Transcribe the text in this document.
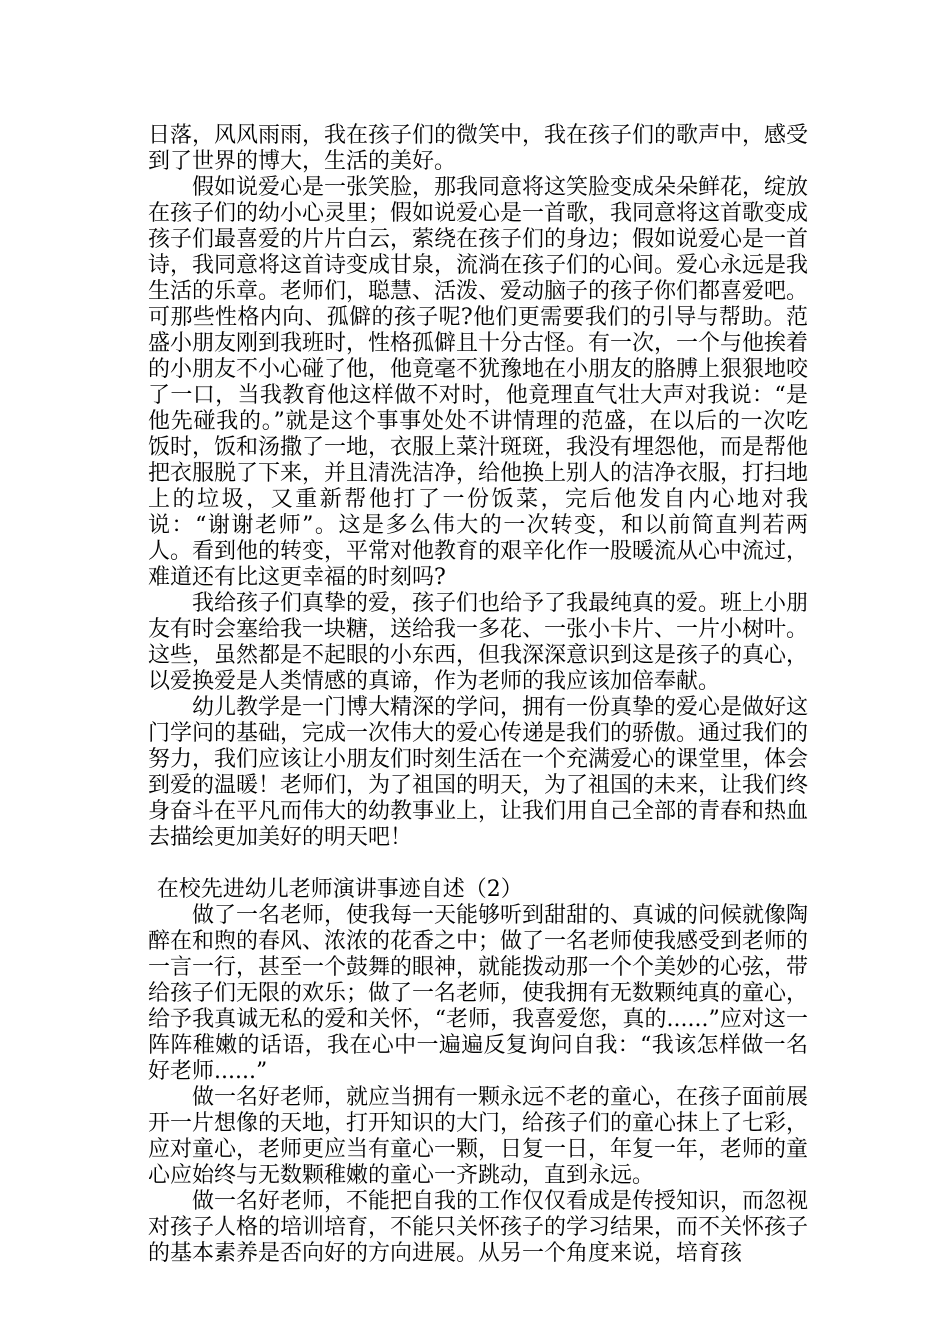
日落，风风雨雨，我在孩子们的微笑中，我在孩子们的歌声中，感受到了世界的博大，生活的美好。

假如说爱心是一张笑脸，那我同意将这笑脸变成朵朵鲜花，绽放在孩子们的幼小心灵里；假如说爱心是一首歌，我同意将这首歌变成孩子们最喜爱的片片白云，萦绕在孩子们的身边；假如说爱心是一首诗，我同意将这首诗变成甘泉，流淌在孩子们的心间。爱心永远是我生活的乐章。老师们，聪慧、活泼、爱动脑子的孩子你们都喜爱吧。可那些性格内向、孤僻的孩子呢?他们更需要我们的引导与帮助。范盛小朋友刚到我班时，性格孤僻且十分古怪。有一次，一个与他挨着的小朋友不小心碰了他，他竟毫不犹豫地在小朋友的胳膊上狠狠地咬了一口，当我教育他这样做不对时，他竟理直气壮大声对我说：“是他先碰我的。”就是这个事事处处不讲情理的范盛，在以后的一次吃饭时，饭和汤撒了一地，衣服上菜汁斑斑，我没有埋怨他，而是帮他把衣服脱了下来，并且清洗洁净，给他换上别人的洁净衣服，打扫地上的垃圾，又重新帮他打了一份饭菜，完后他发自内心地对我说：“谢谢老师”。这是多么伟大的一次转变，和以前简直判若两人。看到他的转变，平常对他教育的艰辛化作一股暖流从心中流过，难道还有比这更幸福的时刻吗?

我给孩子们真挚的爱，孩子们也给予了我最纯真的爱。班上小朋友有时会塞给我一块糖，送给我一多花、一张小卡片、一片小树叶。这些，虽然都是不起眼的小东西，但我深深意识到这是孩子的真心，以爱换爱是人类情感的真谛，作为老师的我应该加倍奉献。

幼儿教学是一门博大精深的学问，拥有一份真挚的爱心是做好这门学问的基础，完成一次伟大的爱心传递是我们的骄傲。通过我们的努力，我们应该让小朋友们时刻生活在一个充满爱心的课堂里，体会到爱的温暖！老师们，为了祖国的明天，为了祖国的未来，让我们终身奋斗在平凡而伟大的幼教事业上，让我们用自己全部的青春和热血去描绘更加美好的明天吧！

在校先进幼儿老师演讲事迹自述（2）

做了一名老师，使我每一天能够听到甜甜的、真诚的问候就像陶醉在和煦的春风、浓浓的花香之中；做了一名老师使我感受到老师的一言一行，甚至一个鼓舞的眼神，就能拨动那一个个美妙的心弦，带给孩子们无限的欢乐；做了一名老师，使我拥有无数颗纯真的童心，给予我真诚无私的爱和关怀，“老师，我喜爱您，真的......”应对这一阵阵稚嫩的话语，我在心中一遍遍反复询问自我：“我该怎样做一名好老师......”

做一名好老师，就应当拥有一颗永远不老的童心，在孩子面前展开一片想像的天地，打开知识的大门，给孩子们的童心抹上了七彩，应对童心，老师更应当有童心一颗，日复一日，年复一年，老师的童心应始终与无数颗稚嫩的童心一齐跳动，直到永远。

做一名好老师，不能把自我的工作仅仅看成是传授知识，而忽视对孩子人格的培训培育，不能只关怀孩子的学习结果，而不关怀孩子的基本素养是否向好的方向进展。从另一个角度来说，培育孩
